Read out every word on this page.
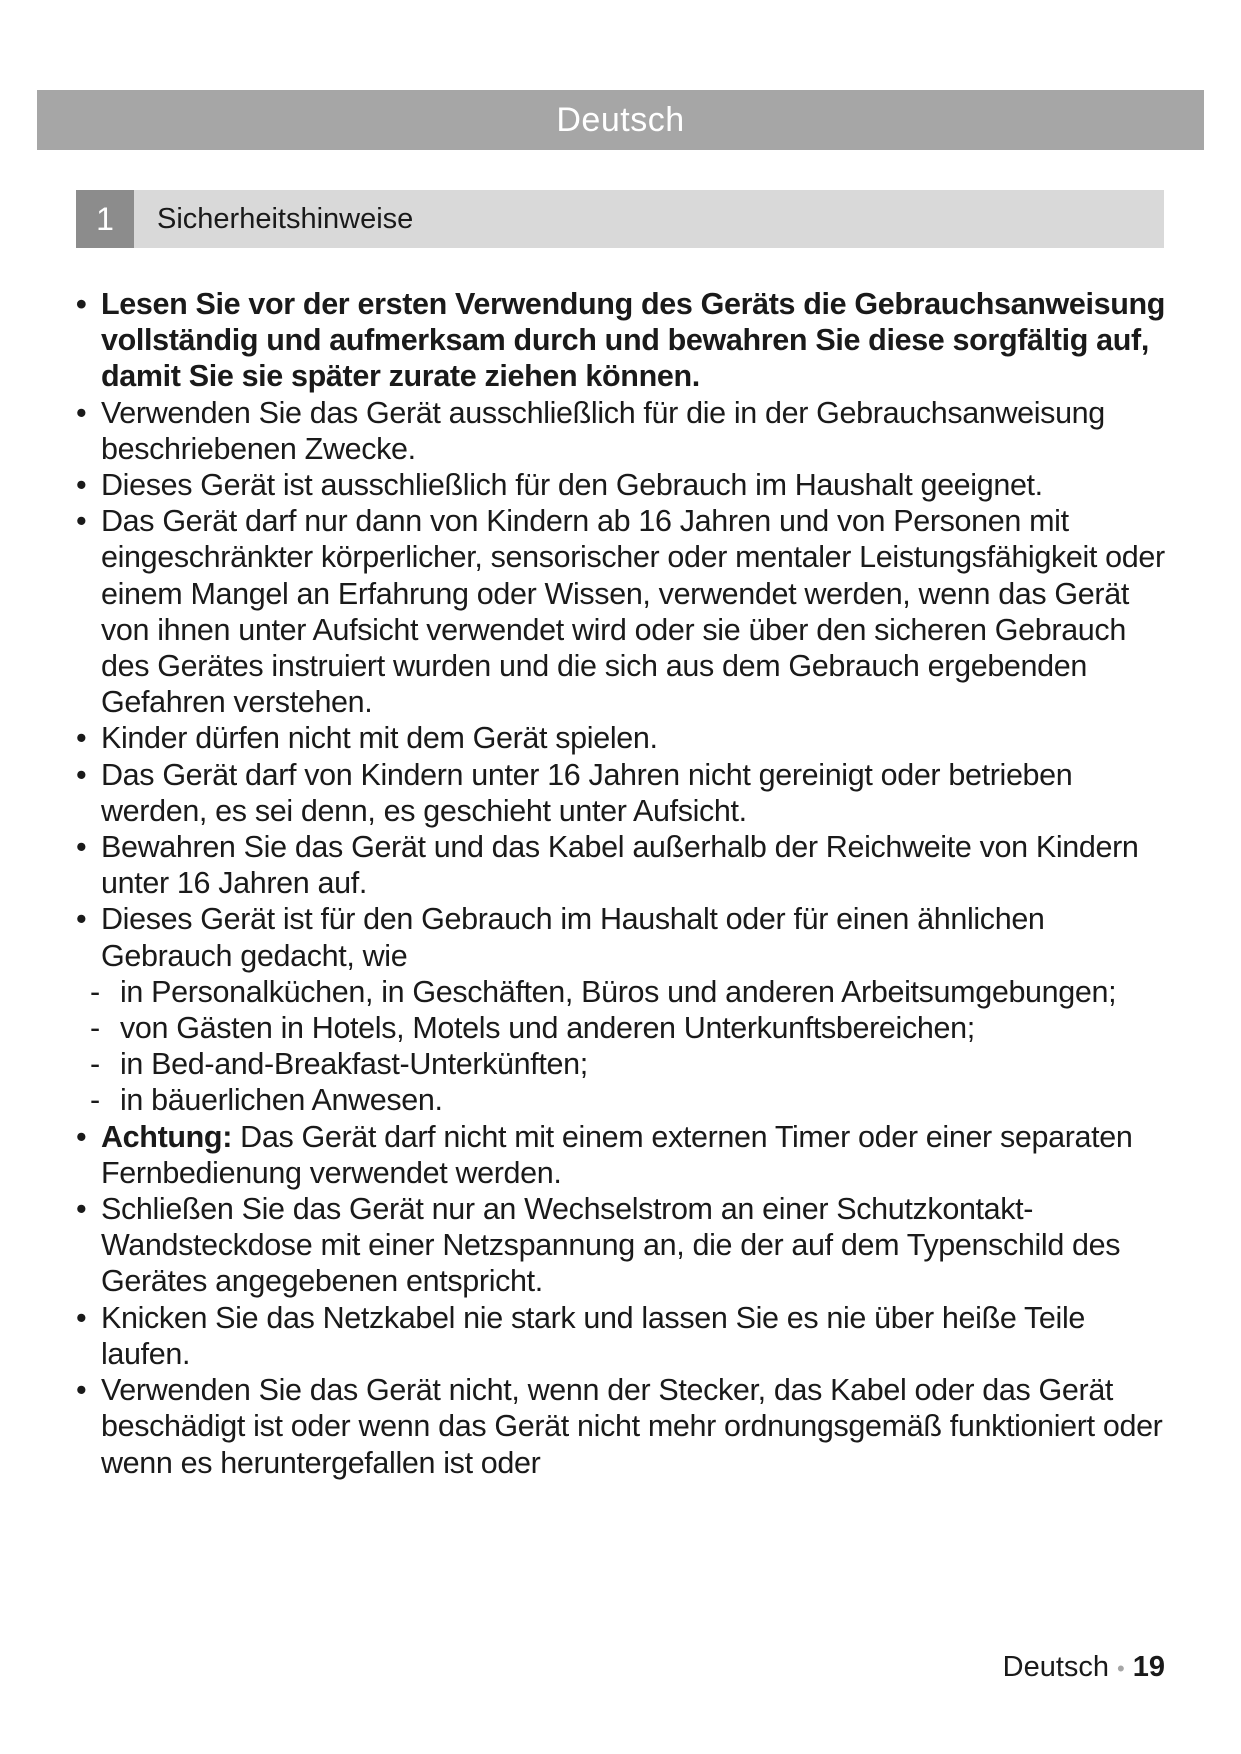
Deutsch
1	Sicherheitshinweise

• Lesen Sie vor der ersten Verwendung des Geräts die Gebrauchsanweisung vollständig und aufmerksam durch und bewahren Sie diese sorgfältig auf, damit Sie sie später zurate ziehen können.

• Verwenden Sie das Gerät ausschließlich für die in der Gebrauchsanweisung beschriebenen Zwecke.

• Dieses Gerät ist ausschließlich für den Gebrauch im Haushalt geeignet.

• Das Gerät darf nur dann von Kindern ab 16 Jahren und von Personen mit eingeschränkter körperlicher, sensorischer oder mentaler Leistungsfähigkeit oder einem Mangel an Erfahrung oder Wissen, verwendet werden, wenn das Gerät von ihnen unter Aufsicht verwendet wird oder sie über den sicheren Gebrauch des Gerätes instruiert wurden und die sich aus dem Gebrauch ergebenden Gefahren verstehen.

• Kinder dürfen nicht mit dem Gerät spielen.

• Das Gerät darf von Kindern unter 16 Jahren nicht gereinigt oder betrieben werden, es sei denn, es geschieht unter Aufsicht.

• Bewahren Sie das Gerät und das Kabel außerhalb der Reichweite von Kindern unter 16 Jahren auf.

• Dieses Gerät ist für den Gebrauch im Haushalt oder für einen ähnlichen Gebrauch gedacht, wie

- in Personalküchen, in Geschäften, Büros und anderen Arbeitsumgebungen;

- von Gästen in Hotels, Motels und anderen Unterkunftsbereichen;

- in Bed-and-Breakfast-Unterkünften;

- in bäuerlichen Anwesen.

• Achtung: Das Gerät darf nicht mit einem externen Timer oder einer separaten Fernbedienung verwendet werden.

• Schließen Sie das Gerät nur an Wechselstrom an einer Schutzkontakt-Wandsteckdose mit einer Netzspannung an, die der auf dem Typenschild des Gerätes angegebenen entspricht.

• Knicken Sie das Netzkabel nie stark und lassen Sie es nie über heiße Teile laufen.

• Verwenden Sie das Gerät nicht, wenn der Stecker, das Kabel oder das Gerät beschädigt ist oder wenn das Gerät nicht mehr ordnungsgemäß funktioniert oder wenn es heruntergefallen ist oder

Deutsch • 19
